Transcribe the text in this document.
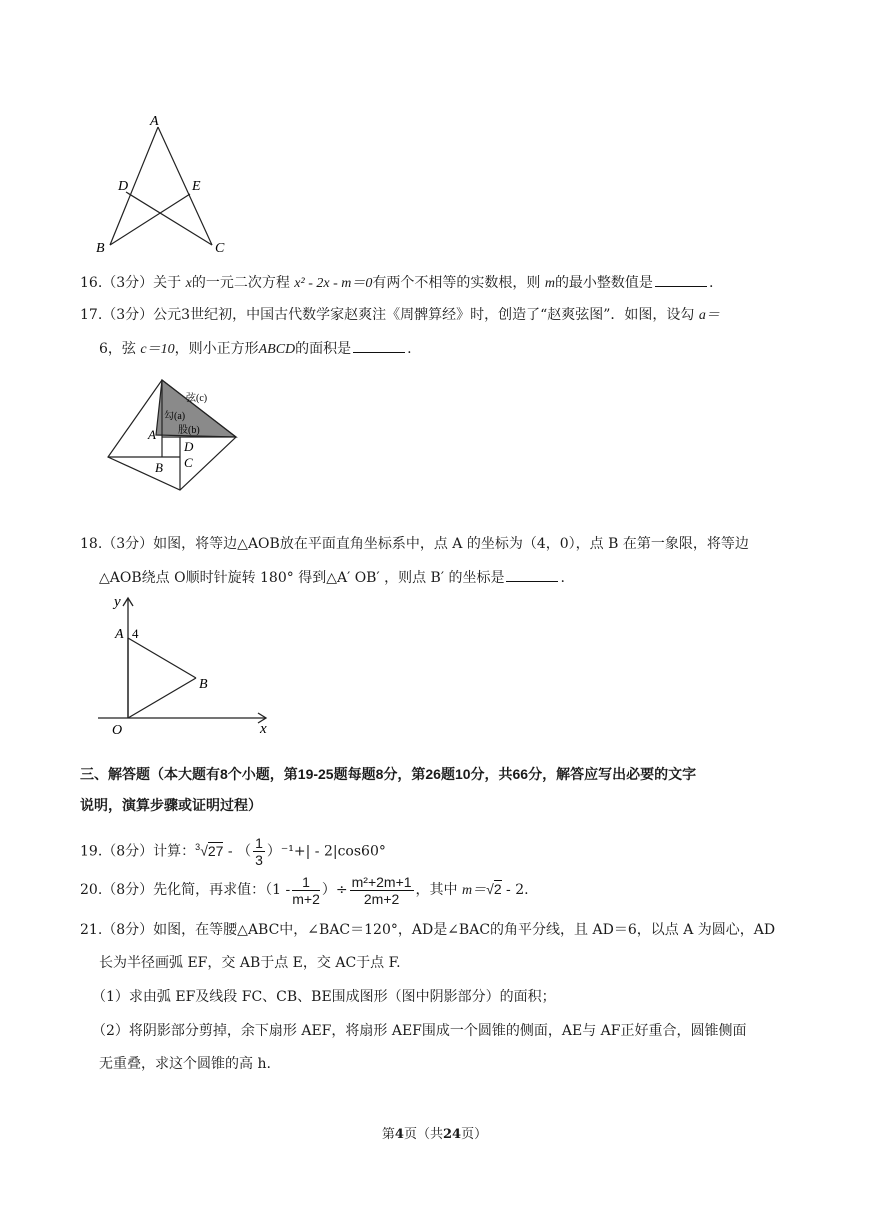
A
D	E
B	C
16.（3分）关于 x的一元二次方程 x² - 2x - m＝0有两个不相等的实数根，则 m的最小整数值是	.
17.（3分）公元3世纪初，中国古代数学家赵爽注《周髀算经》时，创造了“赵爽弦图”．如图，设勾 a＝
6，弦 c＝10，则小正方形ABCD的面积是	.
弦(c)
勾(a)
股(b)
A
D
C
B
18.（3分）如图，将等边△AOB放在平面直角坐标系中，点 A 的坐标为（4，0），点 B 在第一象限，将等边
△AOB绕点 O顺时针旋转 180° 得到△A′ OB′ ，则点 B′ 的坐标是	.
y
x
O
A 4
B
三、解答题（本大题有8个小题，第19-25题每题8分，第26题10分，共66分，解答应写出必要的文字
说明，演算步骤或证明过程）
19.（8分）计算：$^3$√27 - （ $\frac{1}{3} )^{-1}+| - 2|\cos 60^\circ$
20.（8分）先化简，再求值：（$1 - \frac{1}{m+2}$ ）÷ $\frac{\text{m²+2m+1}}{2m+2}$ ，其中 m＝√2 - 2.
21.（8分）如图，在等腰△ABC中，∠BAC＝120°，AD是∠BAC的角平分线，且 AD＝6，以点 A 为圆心，AD
长为半径画弧 EF，交 AB于点 E，交 AC于点 F.
（1）求由弧 EF及线段 FC、CB、BE围成图形（图中阴影部分）的面积；
（2）将阴影部分剪掉，余下扇形 AEF，将扇形 AEF围成一个圆锥的侧面，AE与 AF正好重合，圆锥侧面
无重叠，求这个圆锥的高 h.
第4页（共24页）
